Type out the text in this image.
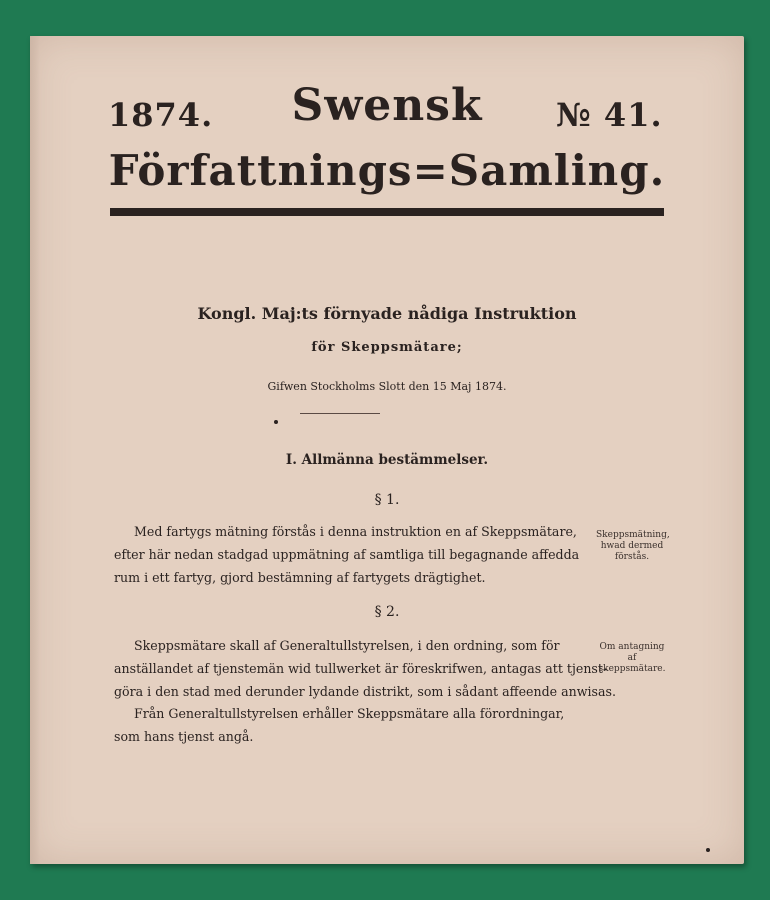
1874.	Swensk	№ 41.
Författnings=Samling.
Kongl. Maj:ts förnyade nådiga Instruktion
för Skeppsmätare;
Gifwen Stockholms Slott den 15 Maj 1874.
I. Allmänna bestämmelser.
§ 1.
Med fartygs mätning förstås i denna instruktion en af Skeppsmätare,
efter här nedan stadgad uppmätning af samtliga till begagnande affedda
rum i ett fartyg, gjord bestämning af fartygets drägtighet.
Skeppsmätning, hwad dermed förstås.
§ 2.
Skeppsmätare skall af Generaltullstyrelsen, i den ordning, som för
anställandet af tjenstemän wid tullwerket är föreskrifwen, antagas att tjenst-
göra i den stad med derunder lydande distrikt, som i sådant affeende anwisas.
Från Generaltullstyrelsen erhåller Skeppsmätare alla förordningar,
som hans tjenst angå.
Om antagning af skeppsmätare.
